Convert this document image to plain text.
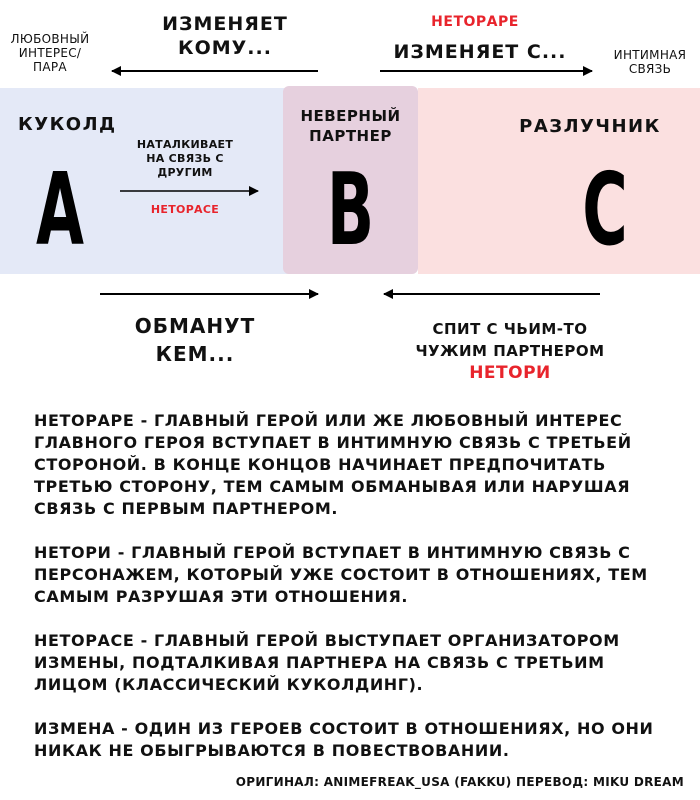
ЛЮБОВНЫЙ
ИНТЕРЕС/
ПАРА
ИЗМЕНЯЕТ
КОМУ...
НЕТОРАРЕ
ИЗМЕНЯЕТ С...	ИНТИМНАЯ
СВЯЗЬ
КУКОЛД
A
НАТАЛКИВАЕТ
НА СВЯЗЬ С
ДРУГИМ
НЕТОРАСЕ
НЕВЕРНЫЙ
ПАРТНЕР
B
РАЗЛУЧНИК
C
ОБМАНУТ
КЕМ...
СПИТ С ЧЬИМ-ТО
ЧУЖИМ ПАРТНЕРОМ
НЕТОРИ
НЕТОРАРЕ - ГЛАВНЫЙ ГЕРОЙ ИЛИ ЖЕ ЛЮБОВНЫЙ ИНТЕРЕС ГЛАВНОГО ГЕРОЯ ВСТУПАЕТ В ИНТИМНУЮ СВЯЗЬ С ТРЕТЬЕЙ СТОРОНОЙ. В КОНЦЕ КОНЦОВ НАЧИНАЕТ ПРЕДПОЧИТАТЬ ТРЕТЬЮ СТОРОНУ, ТЕМ САМЫМ ОБМАНЫВАЯ ИЛИ НАРУШАЯ СВЯЗЬ С ПЕРВЫМ ПАРТНЕРОМ.
НЕТОРИ - ГЛАВНЫЙ ГЕРОЙ ВСТУПАЕТ В ИНТИМНУЮ СВЯЗЬ С ПЕРСОНАЖЕМ, КОТОРЫЙ УЖЕ СОСТОИТ В ОТНОШЕНИЯХ, ТЕМ САМЫМ РАЗРУШАЯ ЭТИ ОТНОШЕНИЯ.
НЕТОРАСЕ - ГЛАВНЫЙ ГЕРОЙ ВЫСТУПАЕТ ОРГАНИЗАТОРОМ ИЗМЕНЫ, ПОДТАЛКИВАЯ ПАРТНЕРА НА СВЯЗЬ С ТРЕТЬИМ ЛИЦОМ (КЛАССИЧЕСКИЙ КУКОЛДИНГ).
ИЗМЕНА - ОДИН ИЗ ГЕРОЕВ СОСТОИТ В ОТНОШЕНИЯХ, НО ОНИ НИКАК НЕ ОБЫГРЫВАЮТСЯ В ПОВЕСТВОВАНИИ.
ОРИГИНАЛ: ANIMEFREAK_USA (FAKKU) ПЕРЕВОД: MIKU DREAM
